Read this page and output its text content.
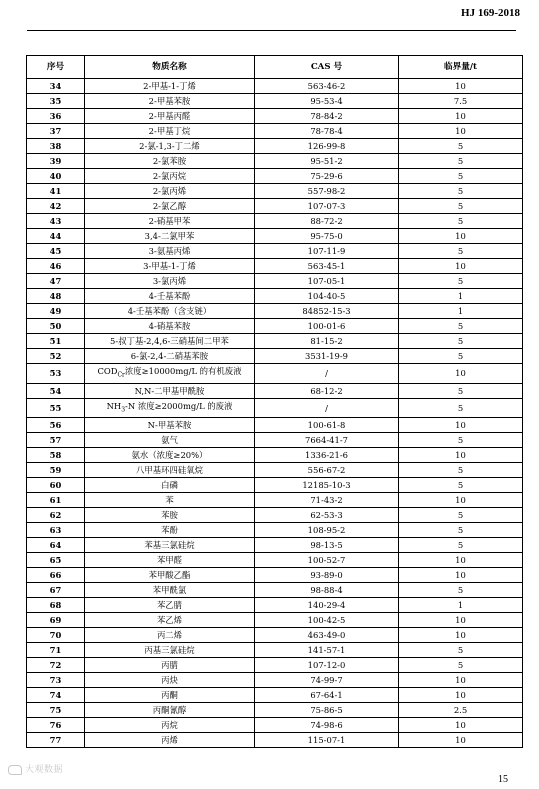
HJ 169-2018
序号	物质名称	CAS 号	临界量/t
34	2-甲基-1-丁烯	563-46-2	10
35	2-甲基苯胺	95-53-4	7.5
36	2-甲基丙醛	78-84-2	10
37	2-甲基丁烷	78-78-4	10
38	2-氯-1,3-丁二烯	126-99-8	5
39	2-氯苯胺	95-51-2	5
40	2-氯丙烷	75-29-6	5
41	2-氯丙烯	557-98-2	5
42	2-氯乙醇	107-07-3	5
43	2-硝基甲苯	88-72-2	5
44	3,4-二氯甲苯	95-75-0	10
45	3-氨基丙烯	107-11-9	5
46	3-甲基-1-丁烯	563-45-1	10
47	3-氯丙烯	107-05-1	5
48	4-壬基苯酚	104-40-5	1
49	4-壬基苯酚（含支链）	84852-15-3	1
50	4-硝基苯胺	100-01-6	5
51	5-叔丁基-2,4,6-三硝基间二甲苯	81-15-2	5
52	6-氯-2,4-二硝基苯胺	3531-19-9	5
53	$COD_{Cr}$浓度≥10000mg/L 的有机废液	/	10
54	N,N-二甲基甲酰胺	68-12-2	5
55	$NH_3-N$ 浓度≥2000mg/L 的废液	/	5
56	N-甲基苯胺	100-61-8	10
57	氨气	7664-41-7	5
58	氨水（浓度≥20%）	1336-21-6	10
59	八甲基环四硅氧烷	556-67-2	5
60	白磷	12185-10-3	5
61	苯	71-43-2	10
62	苯胺	62-53-3	5
63	苯酚	108-95-2	5
64	苯基三氯硅烷	98-13-5	5
65	苯甲醛	100-52-7	10
66	苯甲酸乙酯	93-89-0	10
67	苯甲酰氯	98-88-4	5
68	苯乙腈	140-29-4	1
69	苯乙烯	100-42-5	10
70	丙二烯	463-49-0	10
71	丙基三氯硅烷	141-57-1	5
72	丙腈	107-12-0	5
73	丙炔	74-99-7	10
74	丙酮	67-64-1	10
75	丙酮氰醇	75-86-5	2.5
76	丙烷	74-98-6	10
77	丙烯	115-07-1	10
大观数据
15
